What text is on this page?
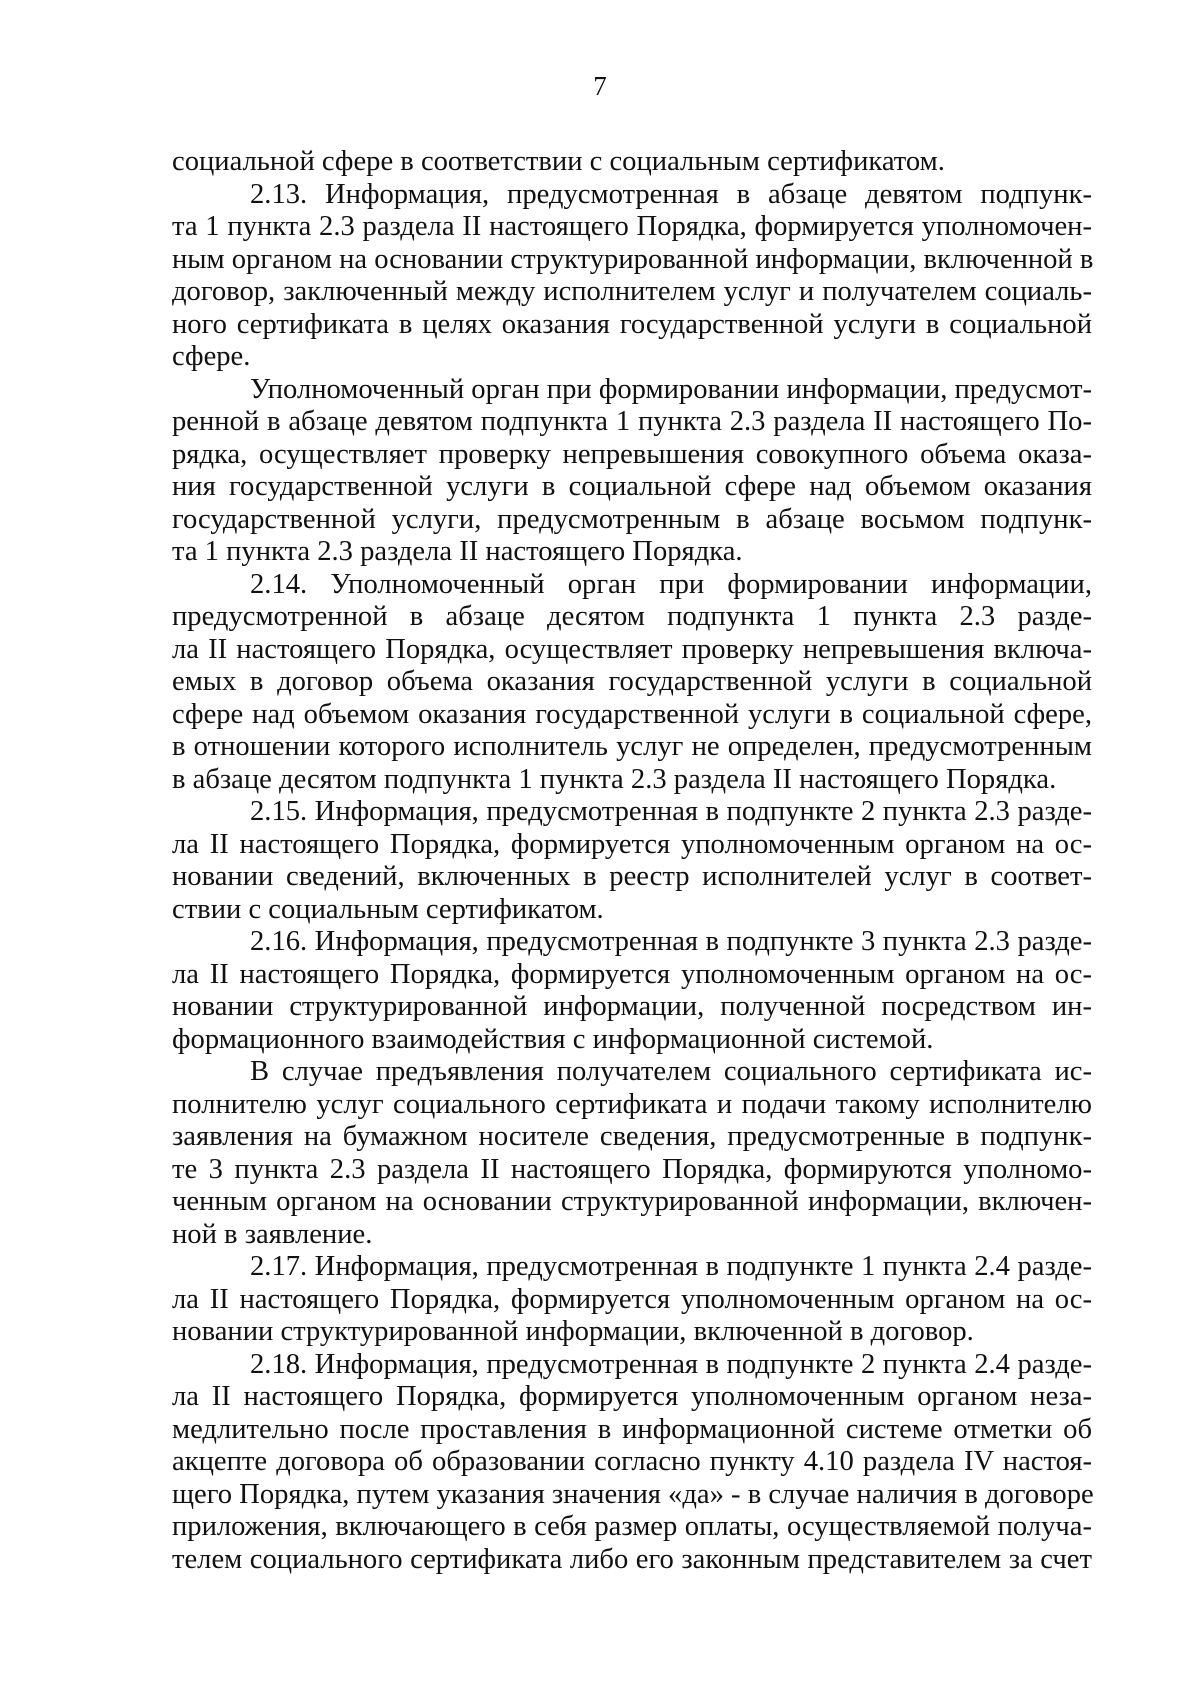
7
социальной сфере в соответствии с социальным сертификатом.
2.13. Информация, предусмотренная в абзаце девятом подпунк-
та 1 пункта 2.3 раздела II настоящего Порядка, формируется уполномочен-
ным органом на основании структурированной информации, включенной в
договор, заключенный между исполнителем услуг и получателем социаль-
ного сертификата в целях оказания государственной услуги в социальной
сфере.
Уполномоченный орган при формировании информации, предусмот-
ренной в абзаце девятом подпункта 1 пункта 2.3 раздела II настоящего По-
рядка, осуществляет проверку непревышения совокупного объема оказа-
ния государственной услуги в социальной сфере над объемом оказания
государственной услуги, предусмотренным в абзаце восьмом подпунк-
та 1 пункта 2.3 раздела II настоящего Порядка.
2.14. Уполномоченный орган при формировании информации,
предусмотренной в абзаце десятом подпункта 1 пункта 2.3 разде-
ла II настоящего Порядка, осуществляет проверку непревышения включа-
емых в договор объема оказания государственной услуги в социальной
сфере над объемом оказания государственной услуги в социальной сфере,
в отношении которого исполнитель услуг не определен, предусмотренным
в абзаце десятом подпункта 1 пункта 2.3 раздела II настоящего Порядка.
2.15. Информация, предусмотренная в подпункте 2 пункта 2.3 разде-
ла II настоящего Порядка, формируется уполномоченным органом на ос-
новании сведений, включенных в реестр исполнителей услуг в соответ-
ствии с социальным сертификатом.
2.16. Информация, предусмотренная в подпункте 3 пункта 2.3 разде-
ла II настоящего Порядка, формируется уполномоченным органом на ос-
новании структурированной информации, полученной посредством ин-
формационного взаимодействия с информационной системой.
В случае предъявления получателем социального сертификата ис-
полнителю услуг социального сертификата и подачи такому исполнителю
заявления на бумажном носителе сведения, предусмотренные в подпунк-
те 3 пункта 2.3 раздела II настоящего Порядка, формируются уполномо-
ченным органом на основании структурированной информации, включен-
ной в заявление.
2.17. Информация, предусмотренная в подпункте 1 пункта 2.4 разде-
ла II настоящего Порядка, формируется уполномоченным органом на ос-
новании структурированной информации, включенной в договор.
2.18. Информация, предусмотренная в подпункте 2 пункта 2.4 разде-
ла II настоящего Порядка, формируется уполномоченным органом неза-
медлительно после проставления в информационной системе отметки об
акцепте договора об образовании согласно пункту 4.10 раздела IV настоя-
щего Порядка, путем указания значения «да» - в случае наличия в договоре
приложения, включающего в себя размер оплаты, осуществляемой получа-
телем социального сертификата либо его законным представителем за счет
